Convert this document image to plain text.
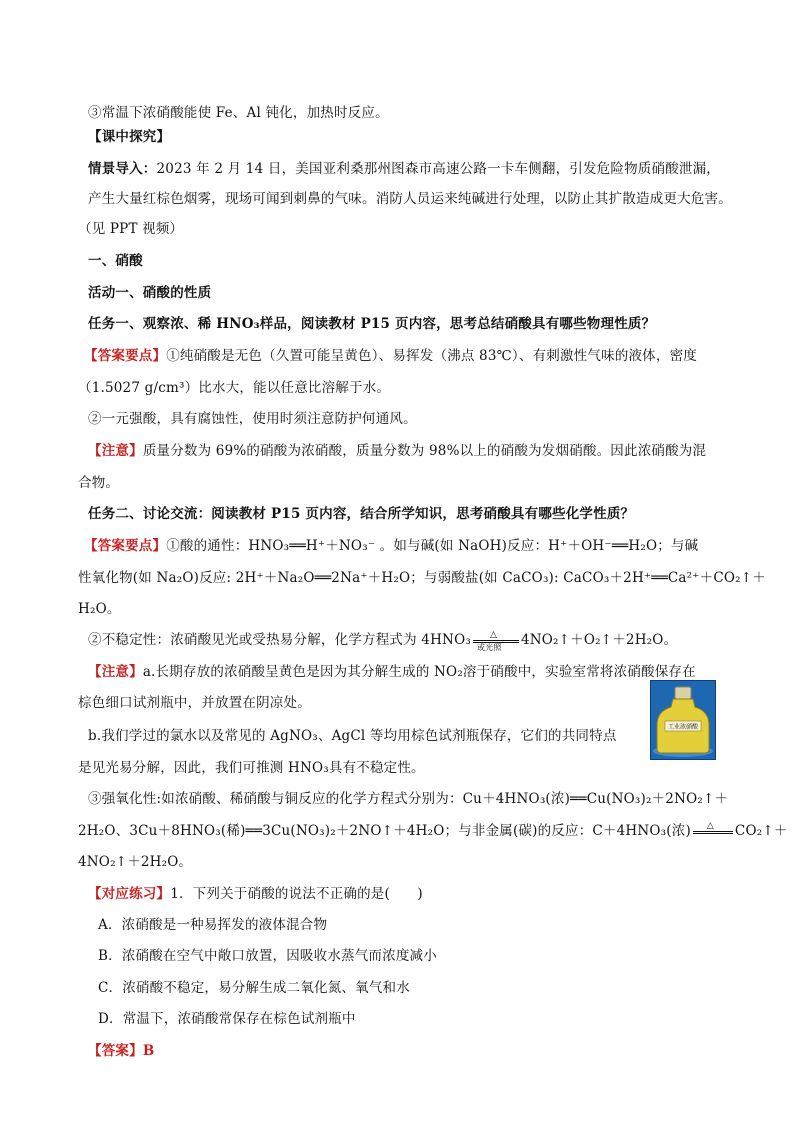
③常温下浓硝酸能使 Fe、Al 钝化，加热时反应。
【课中探究】
情景导入：2023 年 2 月 14 日，美国亚利桑那州图森市高速公路一卡车侧翻，引发危险物质硝酸泄漏，
产生大量红棕色烟雾，现场可闻到刺鼻的气味。消防人员运来纯碱进行处理，以防止其扩散造成更大危害。
（见 PPT 视频）
一、硝酸
活动一、硝酸的性质
任务一、观察浓、稀 HNO₃样品，阅读教材 P15 页内容，思考总结硝酸具有哪些物理性质？
【答案要点】①纯硝酸是无色（久置可能呈黄色）、易挥发（沸点 83℃）、有刺激性气味的液体，密度
（1.5027 g/cm³）比水大，能以任意比溶解于水。
②一元强酸，具有腐蚀性，使用时须注意防护何通风。
【注意】质量分数为 69%的硝酸为浓硝酸，质量分数为 98%以上的硝酸为发烟硝酸。因此浓硝酸为混
合物。
任务二、讨论交流：阅读教材 P15 页内容，结合所学知识，思考硝酸具有哪些化学性质？
【答案要点】①酸的通性：HNO₃══H⁺＋NO₃⁻ 。如与碱(如 NaOH)反应：H⁺＋OH⁻══H₂O；与碱
性氧化物(如 Na₂O)反应: 2H⁺＋Na₂O══2Na⁺＋H₂O；与弱酸盐(如 CaCO₃): CaCO₃＋2H⁺══Ca²⁺＋CO₂↑＋
H₂O。
②不稳定性：浓硝酸见光或受热易分解，化学方程式为 4HNO₃ △
或光照 4NO₂↑＋O₂↑＋2H₂O。
【注意】a.长期存放的浓硝酸呈黄色是因为其分解生成的 NO₂溶于硝酸中，实验室常将浓硝酸保存在
棕色细口试剂瓶中，并放置在阴凉处。
b.我们学过的氯水以及常见的 AgNO₃、AgCl 等均用棕色试剂瓶保存，它们的共同特点
是见光易分解，因此，我们可推测 HNO₃具有不稳定性。
工业浓硝酸
③强氧化性:如浓硝酸、稀硝酸与铜反应的化学方程式分别为：Cu＋4HNO₃(浓)══Cu(NO₃)₂＋2NO₂↑＋
2H₂O、3Cu＋8HNO₃(稀)══3Cu(NO₃)₂＋2NO↑＋4H₂O；与非金属(碳)的反应：C＋4HNO₃(浓) △ CO₂↑＋
4NO₂↑＋2H₂O。
【对应练习】1．下列关于硝酸的说法不正确的是(　　)
A．浓硝酸是一种易挥发的液体混合物
B．浓硝酸在空气中敞口放置，因吸收水蒸气而浓度减小
C．浓硝酸不稳定，易分解生成二氧化氮、氧气和水
D．常温下，浓硝酸常保存在棕色试剂瓶中
【答案】B
